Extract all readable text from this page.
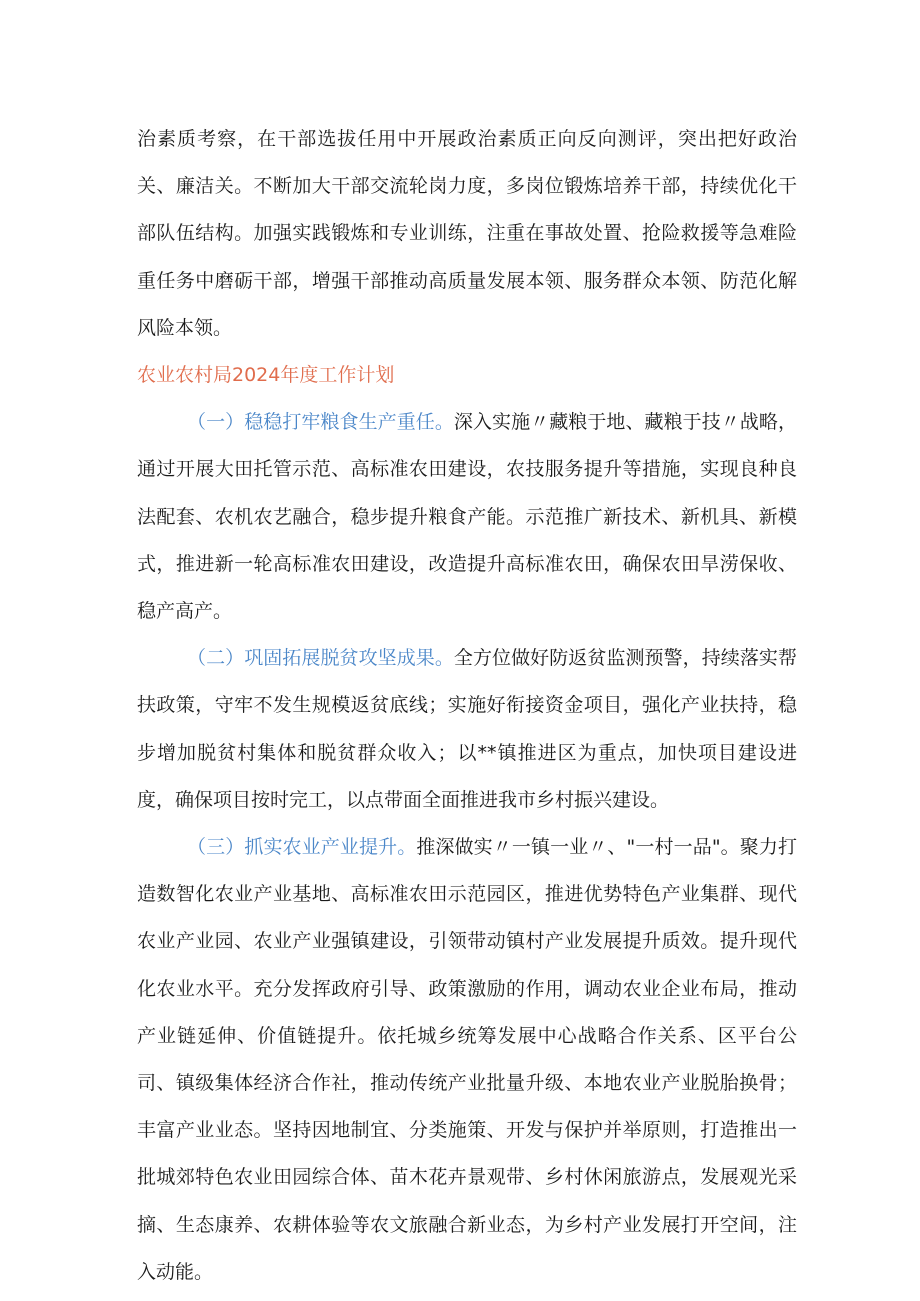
治素质考察，在干部选拔任用中开展政治素质正向反向测评，突出把好政治关、廉洁关。不断加大干部交流轮岗力度，多岗位锻炼培养干部，持续优化干部队伍结构。加强实践锻炼和专业训练，注重在事故处置、抢险救援等急难险重任务中磨砺干部，增强干部推动高质量发展本领、服务群众本领、防范化解风险本领。

农业农村局2024年度工作计划

（一）稳稳打牢粮食生产重任。深入实施〃藏粮于地、藏粮于技〃战略，通过开展大田托管示范、高标准农田建设，农技服务提升等措施，实现良种良法配套、农机农艺融合，稳步提升粮食产能。示范推广新技术、新机具、新模式，推进新一轮高标准农田建设，改造提升高标准农田，确保农田旱涝保收、稳产高产。

（二）巩固拓展脱贫攻坚成果。全方位做好防返贫监测预警，持续落实帮扶政策，守牢不发生规模返贫底线；实施好衔接资金项目，强化产业扶持，稳步增加脱贫村集体和脱贫群众收入；以**镇推进区为重点，加快项目建设进度，确保项目按时完工，以点带面全面推进我市乡村振兴建设。

（三）抓实农业产业提升。推深做实〃一镇一业〃、"一村一品"。聚力打造数智化农业产业基地、高标准农田示范园区，推进优势特色产业集群、现代农业产业园、农业产业强镇建设，引领带动镇村产业发展提升质效。提升现代化农业水平。充分发挥政府引导、政策激励的作用，调动农业企业布局，推动产业链延伸、价值链提升。依托城乡统筹发展中心战略合作关系、区平台公司、镇级集体经济合作社，推动传统产业批量升级、本地农业产业脱胎换骨；丰富产业业态。坚持因地制宜、分类施策、开发与保护并举原则，打造推出一批城郊特色农业田园综合体、苗木花卉景观带、乡村休闲旅游点，发展观光采摘、生态康养、农耕体验等农文旅融合新业态，为乡村产业发展打开空间，注入动能。
